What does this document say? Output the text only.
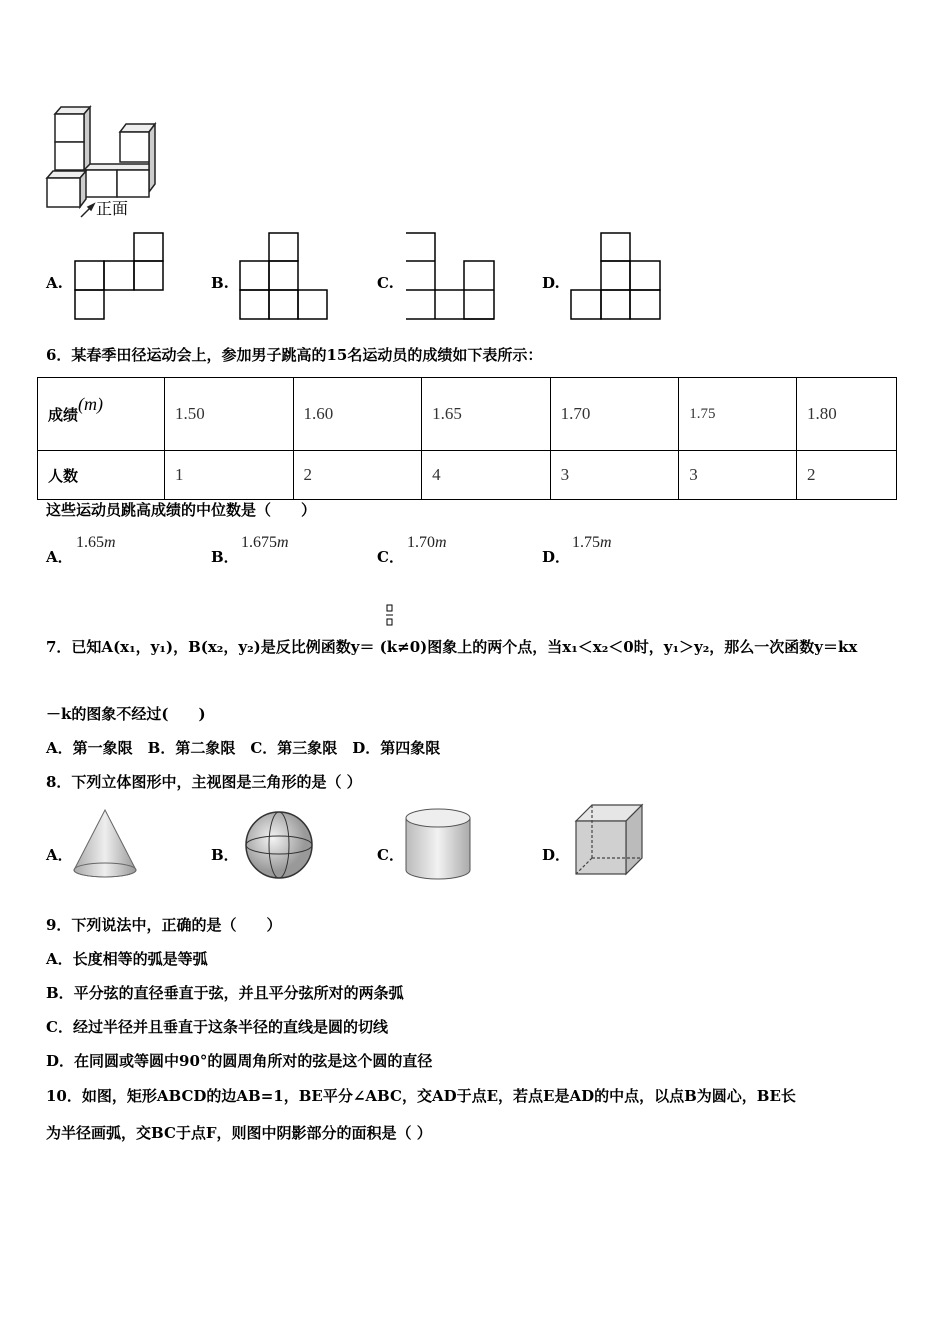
正面
A.	B.	C.	D.
6．某春季田径运动会上，参加男子跳高的15名运动员的成绩如下表所示：
成绩(m)	1.50	1.60	1.65	1.70	1.75	1.80
人数	1	2	4	3	3	2
这些运动员跳高成绩的中位数是（　　）
A．
1.65m
B．
1.675m
C．
1.70m
D．
1.75m
7．已知A(x₁，y₁)，B(x₂，y₂)是反比例函数y＝ (k≠0)图象上的两个点，当x₁＜x₂＜0时，y₁＞y₂，那么一次函数y＝kx
－k的图象不经过(　　)
A．第一象限　B．第二象限　C．第三象限　D．第四象限
8．下列立体图形中，主视图是三角形的是（ ）
A．	B．	C．	D．
9．下列说法中，正确的是（　　）
A．长度相等的弧是等弧
B．平分弦的直径垂直于弦，并且平分弦所对的两条弧
C．经过半径并且垂直于这条半径的直线是圆的切线
D．在同圆或等圆中90°的圆周角所对的弦是这个圆的直径
10．如图，矩形ABCD的边AB=1，BE平分∠ABC，交AD于点E，若点E是AD的中点，以点B为圆心，BE长
为半径画弧，交BC于点F，则图中阴影部分的面积是（ ）
